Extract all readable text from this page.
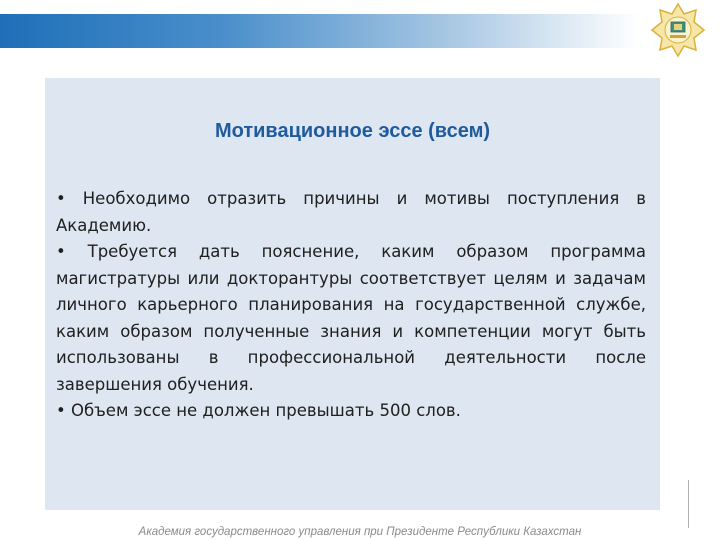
Мотивационное эссе (всем)

• Необходимо отразить причины и мотивы поступления в Академию.

• Требуется дать пояснение, каким образом программа магистратуры или докторантуры соответствует целям и задачам личного карьерного планирования на государственной службе, каким образом полученные знания и компетенции могут быть использованы в профессиональной деятельности после завершения обучения.

• Объем эссе не должен превышать 500 слов.

Академия государственного управления при Президенте Республики Казахстан
